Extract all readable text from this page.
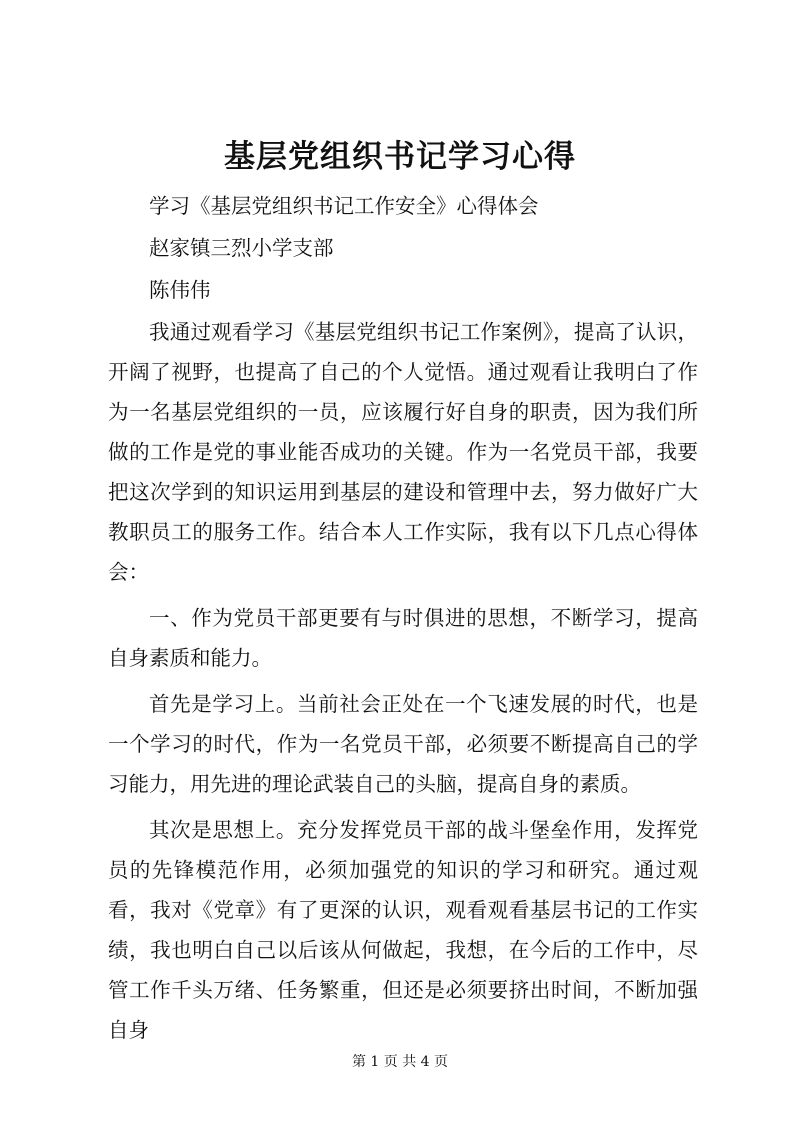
基层党组织书记学习心得

学习《基层党组织书记工作安全》心得体会

赵家镇三烈小学支部

陈伟伟

我通过观看学习《基层党组织书记工作案例》，提高了认识，开阔了视野，也提高了自己的个人觉悟。通过观看让我明白了作为一名基层党组织的一员，应该履行好自身的职责，因为我们所做的工作是党的事业能否成功的关键。作为一名党员干部，我要把这次学到的知识运用到基层的建设和管理中去，努力做好广大教职员工的服务工作。结合本人工作实际，我有以下几点心得体会：

一、作为党员干部更要有与时俱进的思想，不断学习，提高自身素质和能力。

首先是学习上。当前社会正处在一个飞速发展的时代，也是一个学习的时代，作为一名党员干部，必须要不断提高自己的学习能力，用先进的理论武装自己的头脑，提高自身的素质。

其次是思想上。充分发挥党员干部的战斗堡垒作用，发挥党员的先锋模范作用，必须加强党的知识的学习和研究。通过观看，我对《党章》有了更深的认识，观看观看基层书记的工作实绩，我也明白自己以后该从何做起，我想，在今后的工作中，尽管工作千头万绪、任务繁重，但还是必须要挤出时间，不断加强自身

第 1 页 共 4 页
